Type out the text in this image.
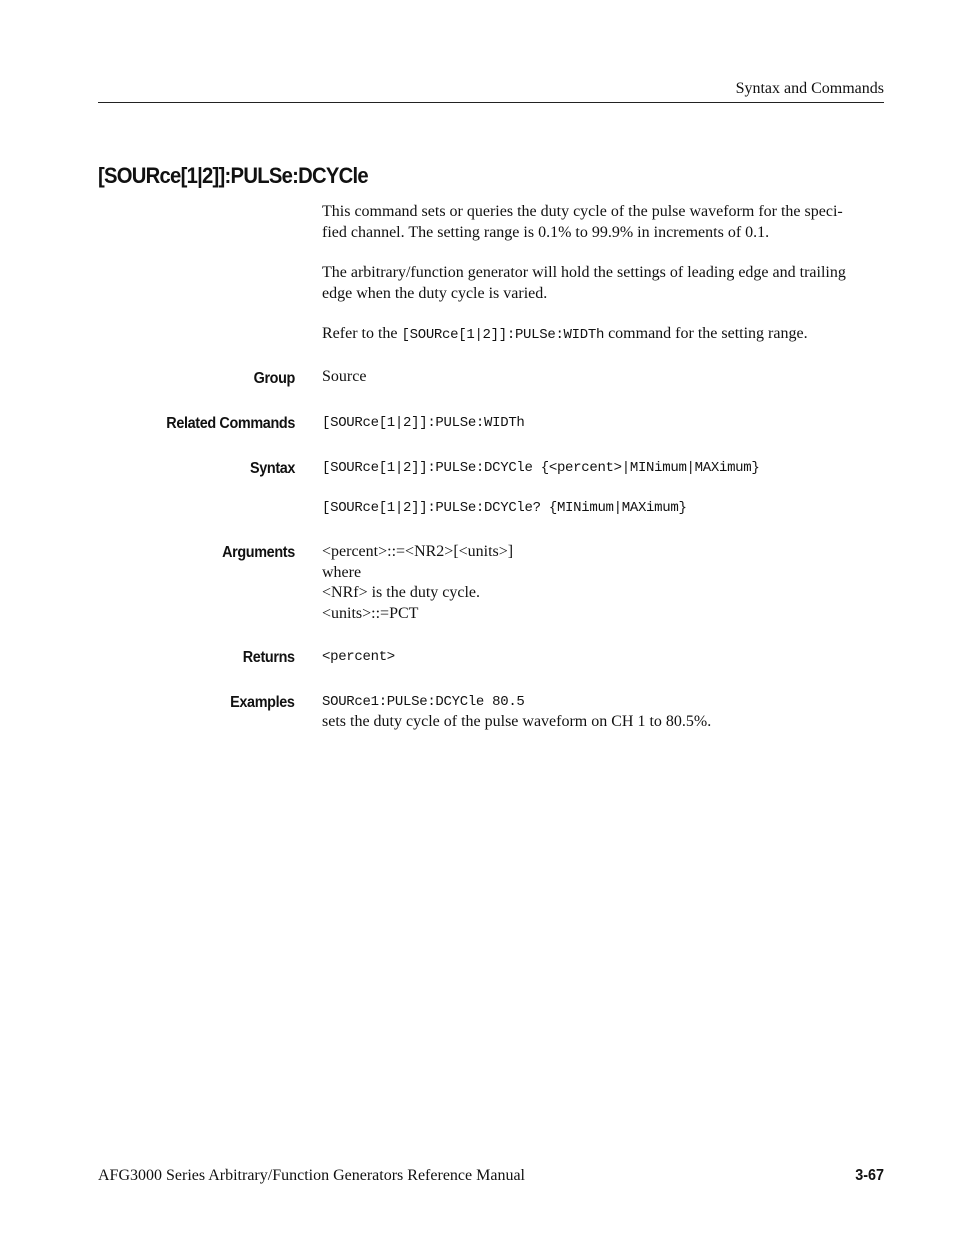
Syntax and Commands
[SOURce[1|2]]:PULSe:DCYCle

This command sets or queries the duty cycle of the pulse waveform for the speci-
fied channel. The setting range is 0.1% to 99.9% in increments of 0.1.

The arbitrary/function generator will hold the settings of leading edge and trailing
edge when the duty cycle is varied.

Refer to the [SOURce[1|2]]:PULSe:WIDTh command for the setting range.

Group Source

Related Commands [SOURce[1|2]]:PULSe:WIDTh

Syntax [SOURce[1|2]]:PULSe:DCYCle {<percent>|MINimum|MAXimum}

[SOURce[1|2]]:PULSe:DCYCle? {MINimum|MAXimum}

Arguments <percent>::=<NR2>[<units>]
where
<NRf> is the duty cycle.
<units>::=PCT

Returns <percent>

Examples SOURce1:PULSe:DCYCle 80.5

sets the duty cycle of the pulse waveform on CH 1 to 80.5%.

AFG3000 Series Arbitrary/Function Generators Reference Manual	3-67
